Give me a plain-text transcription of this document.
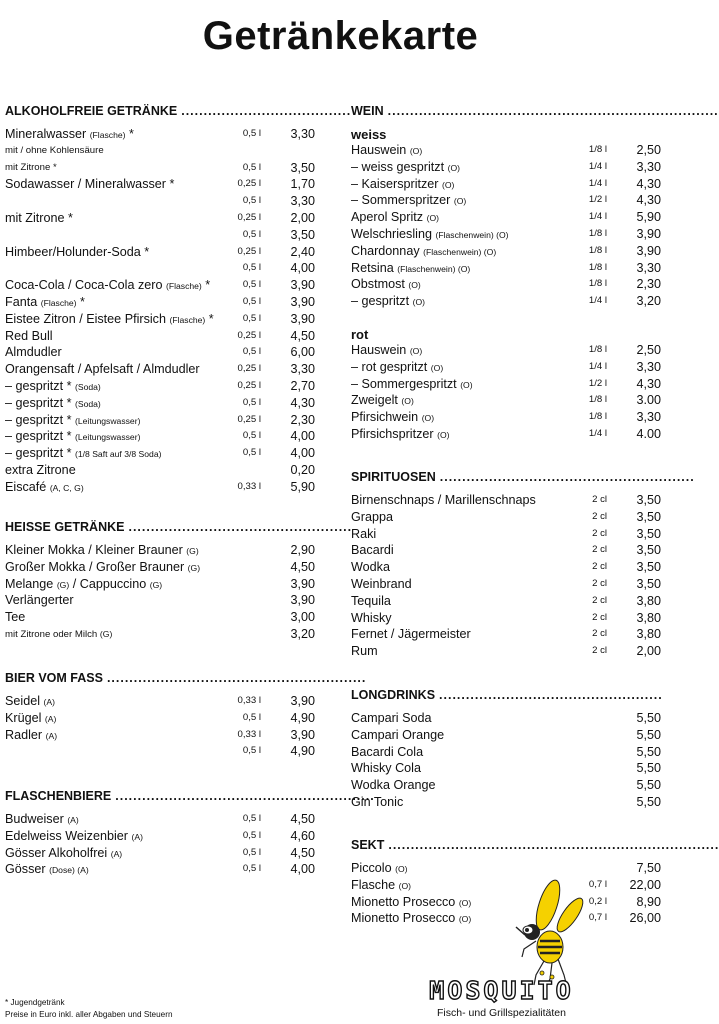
Getränkekarte
ALKOHOLFREIE GETRÄNKE ......................................
Mineralwasser (Flasche) *	0,5 l 3,30
mit / ohne Kohlensäure
mit Zitrone *	0,5 l 3,50
Sodawasser / Mineralwasser *	0,25 l 1,70
0,5 l 3,30
mit Zitrone *	0,25 l 2,00
0,5 l 3,50
Himbeer/Holunder-Soda *	0,25 l 2,40
0,5 l 4,00
Coca-Cola / Coca-Cola zero (Flasche) *	0,5 l 3,90
Fanta (Flasche) *	0,5 l 3,90
Eistee Zitron / Eistee Pfirsich (Flasche) *	0,5 l 3,90
Red Bull	0,25 l 4,50
Almdudler	0,5 l 6,00
Orangensaft / Apfelsaft / Almdudler	0,25 l 3,30
– gespritzt * (Soda)	0,25 l 2,70
– gespritzt * (Soda)	0,5 l 4,30
– gespritzt * (Leitungswasser)	0,25 l 2,30
– gespritzt * (Leitungswasser)	0,5 l 4,00
– gespritzt * (1/8 Saft auf 3/8 Soda)	0,5 l 4,00
extra Zitrone	0,20
Eiscafé (A, C, G)	0,33 l 5,90
HEISSE GETRÄNKE ..................................................
Kleiner Mokka / Kleiner Brauner (G)	2,90
Großer Mokka / Großer Brauner (G)	4,50
Melange (G) / Cappuccino (G)	3,90
Verlängerter	3,90
Tee	3,00
mit Zitrone oder Milch (G)	3,20
BIER VOM FASS ..........................................................
Seidel (A)	0,33 l 3,90
Krügel (A)	0,5 l 4,90
Radler (A)	0,33 l 3,90
0,5 l 4,90
FLASCHENBIERE ..........................................................
Budweiser (A)	0,5 l 4,50
Edelweiss Weizenbier (A)	0,5 l 4,60
Gösser Alkoholfrei (A)	0,5 l 4,50
Gösser (Dose) (A)	0,5 l 4,00
WEIN ..........................................................................
weiss
Hauswein (O)	1/8 l 2,50
– weiss gespritzt (O)	1/4 l 3,30
– Kaiserspritzer (O)	1/4 l 4,30
– Sommerspritzer (O)	1/2 l 4,30
Aperol Spritz (O)	1/4 l 5,90
Welschriesling (Flaschenwein) (O)	1/8 l 3,90
Chardonnay (Flaschenwein) (O)	1/8 l 3,90
Retsina (Flaschenwein) (O)	1/8 l 3,30
Obstmost (O)	1/8 l 2,30
– gespritzt (O)	1/4 l 3,20
rot
Hauswein (O)	1/8 l 2,50
– rot gespritzt (O)	1/4 l 3,30
– Sommergespritzt (O)	1/2 l 4,30
Zweigelt (O)	1/8 l 3.00
Pfirsichwein (O)	1/8 l 3,30
Pfirsichspritzer (O)	1/4 l 4.00
SPIRITUOSEN .........................................................
Birnenschnaps / Marillenschnaps	2 cl 3,50
Grappa	2 cl 3,50
Raki	2 cl 3,50
Bacardi	2 cl 3,50
Wodka	2 cl 3,50
Weinbrand	2 cl 3,50
Tequila	2 cl 3,80
Whisky	2 cl 3,80
Fernet / Jägermeister	2 cl 3,80
Rum	2 cl 2,00
LONGDRINKS ..................................................
Campari Soda	5,50
Campari Orange	5,50
Bacardi Cola	5,50
Whisky Cola	5,50
Wodka Orange	5,50
Gin Tonic	5,50
SEKT ..........................................................................
Piccolo (O)	7,50
Flasche (O)	0,7 l 22,00
Mionetto Prosecco (O)	0,2 l 8,90
Mionetto Prosecco (O)	0,7 l 26,00
* Jugendgetränk
Preise in Euro inkl. aller Abgaben und Steuern
MOSQUITO
Fisch- und Grillspezialitäten
